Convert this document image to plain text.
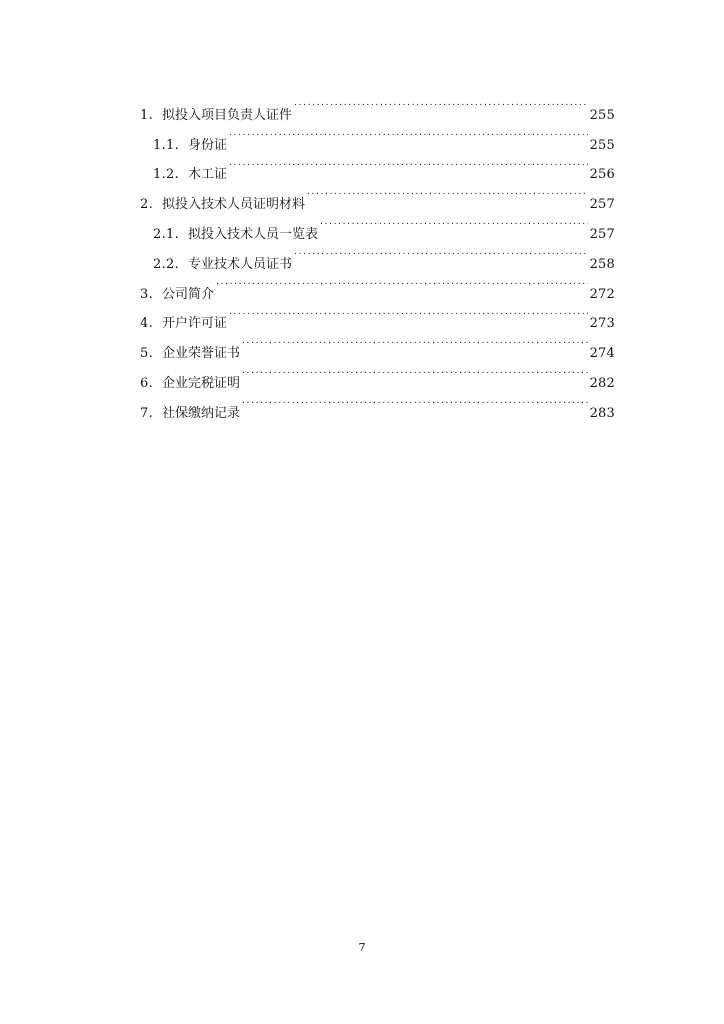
1. 拟投入项目负责人证件 . . .	255
1.1. 身份证 . . .	255
1.2. 木工证 . . .	256
2. 拟投入技术人员证明材料 . . .	257
2.1. 拟投入技术人员一览表 . . .	257
2.2. 专业技术人员证书 . . .	258
3. 公司简介 . . .	272
4. 开户许可证 . . .	273
5. 企业荣誉证书 . . .	274
6. 企业完税证明 . . .	282
7. 社保缴纳记录 . . .	283
7
